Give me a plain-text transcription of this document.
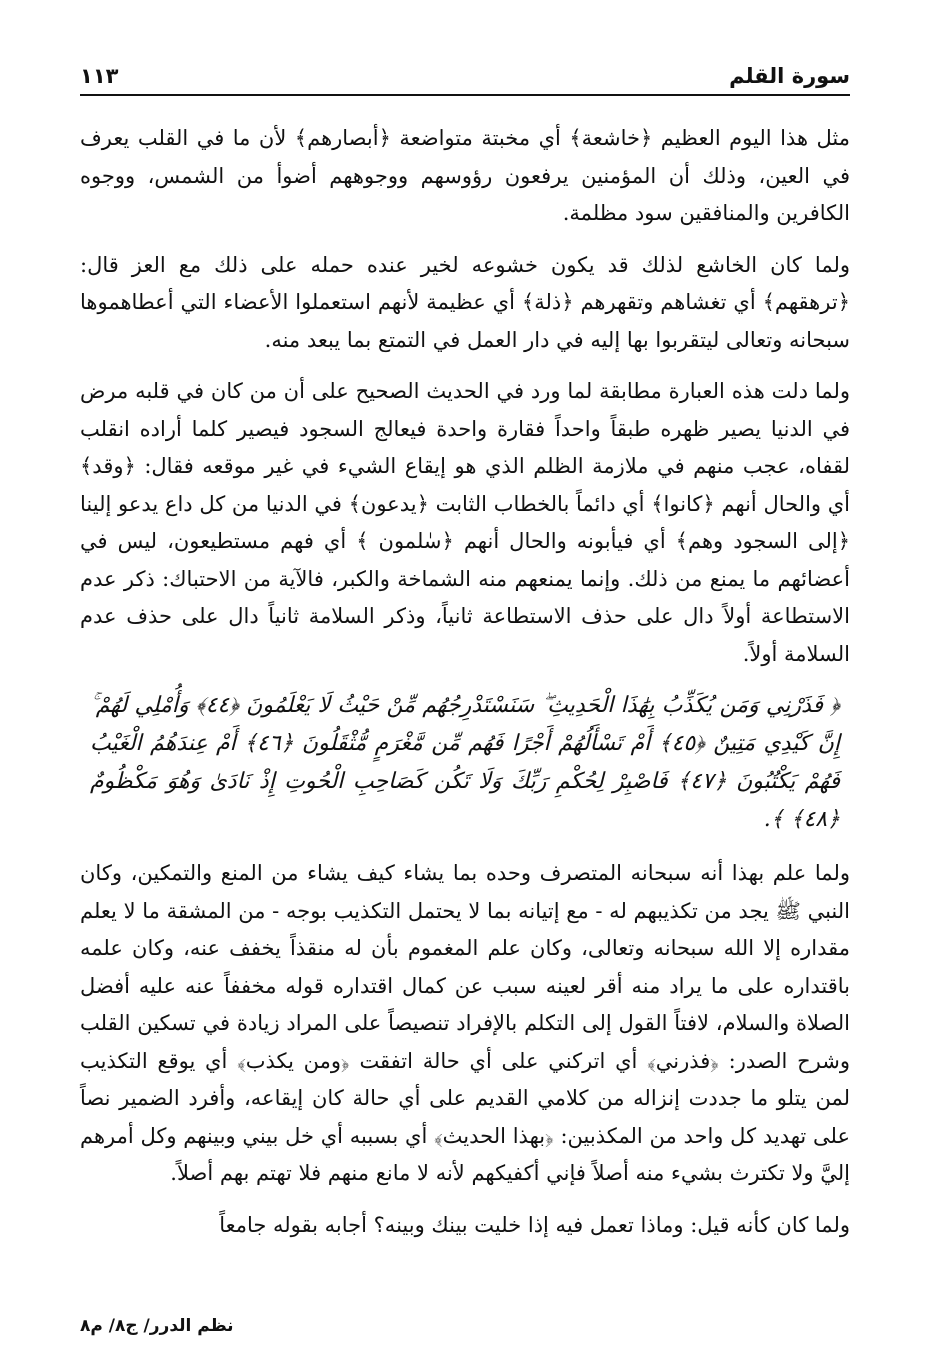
سورة القلم
١١٣

مثل هذا اليوم العظيم ﴿خاشعة﴾ أي مخبتة متواضعة ﴿أبصارهم﴾ لأن ما في القلب يعرف في العين، وذلك أن المؤمنين يرفعون رؤوسهم ووجوههم أضوأ من الشمس، ووجوه الكافرين والمنافقين سود مظلمة.

ولما كان الخاشع لذلك قد يكون خشوعه لخير عنده حمله على ذلك مع العز قال: ﴿ترهقهم﴾ أي تغشاهم وتقهرهم ﴿ذلة﴾ أي عظيمة لأنهم استعملوا الأعضاء التي أعطاهموها سبحانه وتعالى ليتقربوا بها إليه في دار العمل في التمتع بما يبعد منه.

ولما دلت هذه العبارة مطابقة لما ورد في الحديث الصحيح على أن من كان في قلبه مرض في الدنيا يصير ظهره طبقاً واحداً فقارة واحدة فيعالج السجود فيصير كلما أراده انقلب لقفاه، عجب منهم في ملازمة الظلم الذي هو إيقاع الشيء في غير موقعه فقال: ﴿وقد﴾ أي والحال أنهم ﴿كانوا﴾ أي دائماً بالخطاب الثابت ﴿يدعون﴾ في الدنيا من كل داع يدعو إلينا ﴿إلى السجود وهم﴾ أي فيأبونه والحال أنهم ﴿سٰلمون ﴾ أي فهم مستطيعون، ليس في أعضائهم ما يمنع من ذلك. وإنما يمنعهم منه الشماخة والكبر، فالآية من الاحتباك: ذكر عدم الاستطاعة أولاً دال على حذف الاستطاعة ثانياً، وذكر السلامة ثانياً دال على حذف عدم السلامة أولاً.

﴿ فَذَرْنِي وَمَن يُكَذِّبُ بِهَٰذَا الْحَدِيثِ ۖ سَنَسْتَدْرِجُهُم مِّنْ حَيْثُ لَا يَعْلَمُونَ ﴿٤٤﴾ وَأُمْلِي لَهُمْ ۚ إِنَّ كَيْدِي مَتِينٌ ﴿٤٥﴾ أَمْ تَسْأَلُهُمْ أَجْرًا فَهُم مِّن مَّغْرَمٍ مُّثْقَلُونَ ﴿٤٦﴾ أَمْ عِندَهُمُ الْغَيْبُ فَهُمْ يَكْتُبُونَ ﴿٤٧﴾ فَاصْبِرْ لِحُكْمِ رَبِّكَ وَلَا تَكُن كَصَاحِبِ الْحُوتِ إِذْ نَادَىٰ وَهُوَ مَكْظُومٌ ﴿٤٨﴾ ﴾.

ولما علم بهذا أنه سبحانه المتصرف وحده بما يشاء كيف يشاء من المنع والتمكين، وكان النبي ﷺ يجد من تكذيبهم له - مع إتيانه بما لا يحتمل التكذيب بوجه - من المشقة ما لا يعلم مقداره إلا الله سبحانه وتعالى، وكان علم المغموم بأن له منقذاً يخفف عنه، وكان علمه باقتداره على ما يراد منه أقر لعينه سبب عن كمال اقتداره قوله مخففاً عنه عليه أفضل الصلاة والسلام، لافتاً القول إلى التكلم بالإفراد تنصيصاً على المراد زيادة في تسكين القلب وشرح الصدر: ﴿فذرني﴾ أي اتركني على أي حالة اتفقت ﴿ومن يكذب﴾ أي يوقع التكذيب لمن يتلو ما جددت إنزاله من كلامي القديم على أي حالة كان إيقاعه، وأفرد الضمير نصاً على تهديد كل واحد من المكذبين: ﴿بهذا الحديث﴾ أي بسببه أي خل بيني وبينهم وكل أمرهم إليَّ ولا تكترث بشيء منه أصلاً فإني أكفيكهم لأنه لا مانع منهم فلا تهتم بهم أصلاً.

ولما كان كأنه قيل: وماذا تعمل فيه إذا خليت بينك وبينه؟ أجابه بقوله جامعاً

نظم الدرر/ ج٨/ م٨
